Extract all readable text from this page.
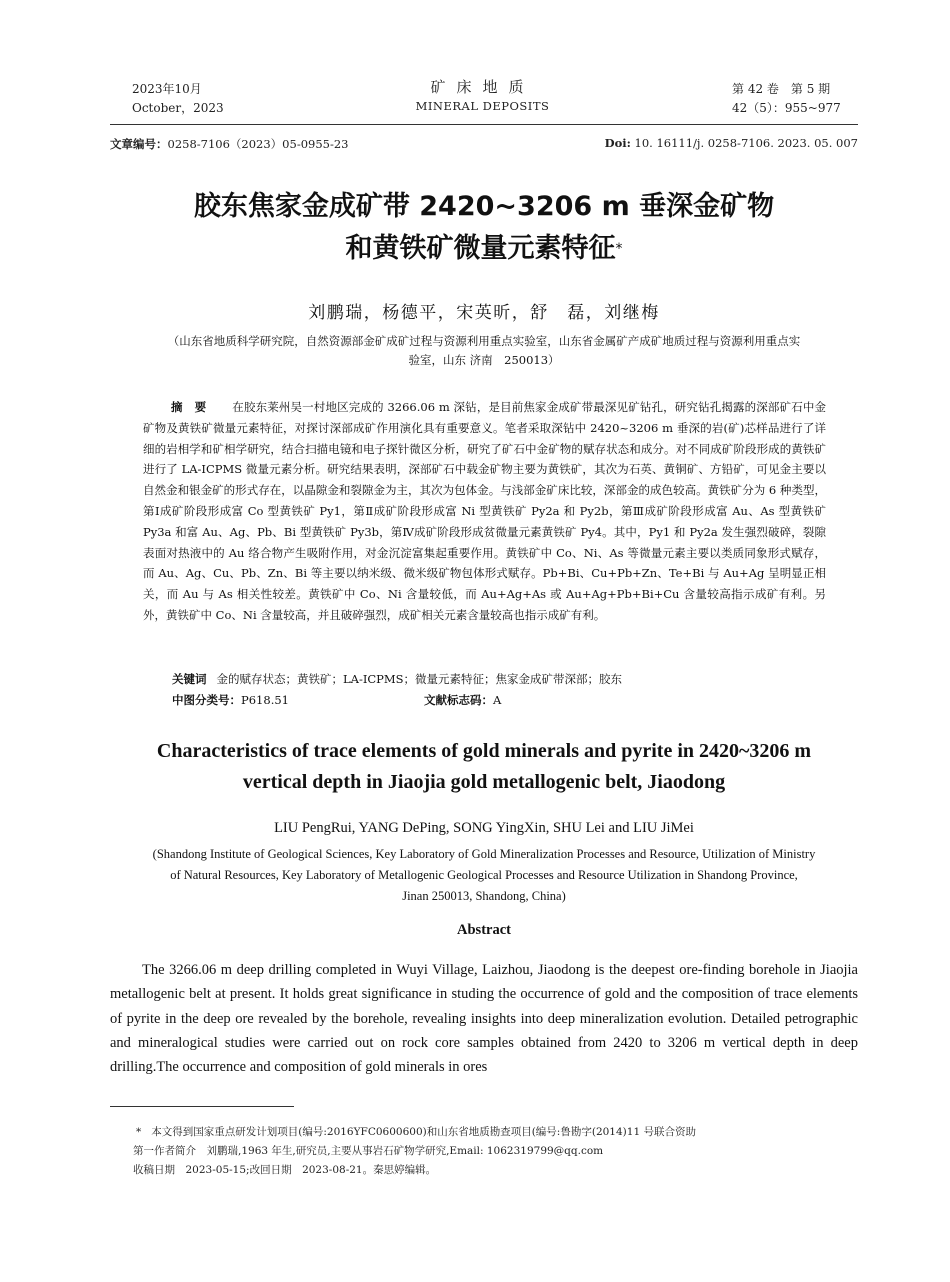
2023年10月
October，2023
矿床地质
MINERAL DEPOSITS
第 42 卷　第 5 期
42（5）：955~977
文章编号：0258-7106（2023）05-0955-23	Doi: 10. 16111/j. 0258-7106. 2023. 05. 007
胶东焦家金成矿带 2420~3206 m 垂深金矿物
和黄铁矿微量元素特征*
刘鹏瑞，杨德平，宋英昕，舒　磊，刘继梅
（山东省地质科学研究院，自然资源部金矿成矿过程与资源利用重点实验室，山东省金属矿产成矿地质过程与资源利用重点实
验室，山东 济南　250013）
摘要 在胶东莱州吴一村地区完成的 3266.06 m 深钻，是目前焦家金成矿带最深见矿钻孔，研究钻孔揭露的深部矿石中金矿物及黄铁矿微量元素特征，对探讨深部成矿作用演化具有重要意义。笔者采取深钻中 2420~3206 m 垂深的岩(矿)芯样品进行了详细的岩相学和矿相学研究，结合扫描电镜和电子探针微区分析，研究了矿石中金矿物的赋存状态和成分。对不同成矿阶段形成的黄铁矿进行了 LA-ICPMS 微量元素分析。研究结果表明，深部矿石中载金矿物主要为黄铁矿，其次为石英、黄铜矿、方铅矿，可见金主要以自然金和银金矿的形式存在，以晶隙金和裂隙金为主，其次为包体金。与浅部金矿床比较，深部金的成色较高。黄铁矿分为 6 种类型，第Ⅰ成矿阶段形成富 Co 型黄铁矿 Py1，第Ⅱ成矿阶段形成富 Ni 型黄铁矿 Py2a 和 Py2b，第Ⅲ成矿阶段形成富 Au、As 型黄铁矿 Py3a 和富 Au、Ag、Pb、Bi 型黄铁矿 Py3b，第Ⅳ成矿阶段形成贫微量元素黄铁矿 Py4。其中，Py1 和 Py2a 发生强烈破碎，裂隙表面对热液中的 Au 络合物产生吸附作用，对金沉淀富集起重要作用。黄铁矿中 Co、Ni、As 等微量元素主要以类质同象形式赋存，而 Au、Ag、Cu、Pb、Zn、Bi 等主要以纳米级、微米级矿物包体形式赋存。Pb+Bi、Cu+Pb+Zn、Te+Bi 与 Au+Ag 呈明显正相关，而 Au 与 As 相关性较差。黄铁矿中 Co、Ni 含量较低，而 Au+Ag+As 或 Au+Ag+Pb+Bi+Cu 含量较高指示成矿有利。另外，黄铁矿中 Co、Ni 含量较高，并且破碎强烈，成矿相关元素含量较高也指示成矿有利。
关键词 金的赋存状态；黄铁矿；LA-ICPMS；微量元素特征；焦家金成矿带深部；胶东
中图分类号：P618.51	文献标志码：A
Characteristics of trace elements of gold minerals and pyrite in 2420~3206 m
vertical depth in Jiaojia gold metallogenic belt, Jiaodong
LIU PengRui, YANG DePing, SONG YingXin, SHU Lei and LIU JiMei
(Shandong Institute of Geological Sciences, Key Laboratory of Gold Mineralization Processes and Resource, Utilization of Ministry
of Natural Resources, Key Laboratory of Metallogenic Geological Processes and Resource Utilization in Shandong Province,
Jinan 250013, Shandong, China)
Abstract

The 3266.06 m deep drilling completed in Wuyi Village, Laizhou, Jiaodong is the deepest ore-finding borehole in Jiaojia metallogenic belt at present. It holds great significance in studing the occurrence of gold and the composition of trace elements of pyrite in the deep ore revealed by the borehole, revealing insights into deep mineralization evolution. Detailed petrographic and mineralogical studies were carried out on rock core samples obtained from 2420 to 3206 m vertical depth in deep drilling.The occurrence and composition of gold minerals in ores

* 本文得到国家重点研发计划项目(编号:2016YFC0600600)和山东省地质勘查项目(编号:鲁勘字(2014)11 号联合资助
第一作者简介　刘鹏瑞,1963 年生,研究员,主要从事岩石矿物学研究,Email: 1062319799@qq.com
收稿日期　2023-05-15;改回日期　2023-08-21。秦思婷编辑。
